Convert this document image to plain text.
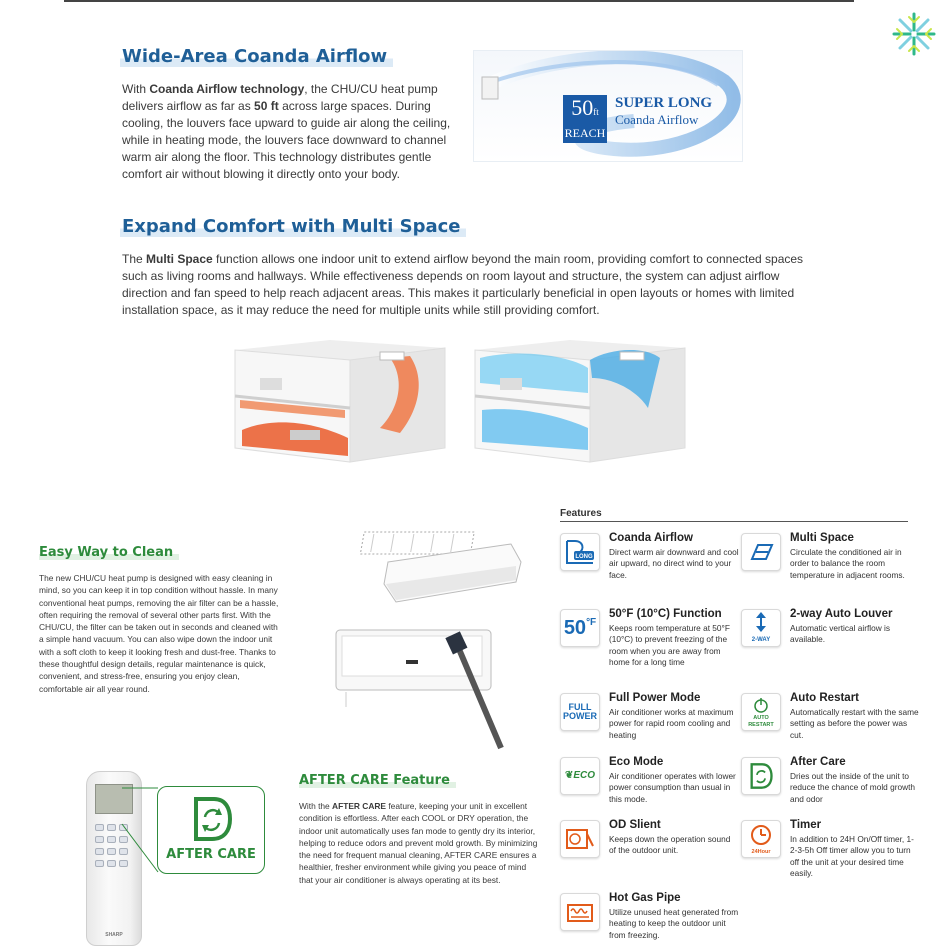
Wide-Area Coanda Airflow
With Coanda Airflow technology, the CHU/CU heat pump delivers airflow as far as 50 ft across large spaces. During cooling, the louvers face upward to guide air along the ceiling, while in heating mode, the louvers face downward to channel warm air along the floor. This technology distributes gentle comfort air without blowing it directly onto your body.
50ft
REACH
SUPER LONG
Coanda Airflow
Expand Comfort with Multi Space
The Multi Space function allows one indoor unit to extend airflow beyond the main room, providing comfort to connected spaces such as living rooms and hallways. While effectiveness depends on room layout and structure, the system can adjust airflow direction and fan speed to help reach adjacent areas. This makes it particularly beneficial in open layouts or homes with limited installation space, as it may reduce the need for multiple units while still providing comfort.
Easy Way to Clean
The new CHU/CU heat pump is designed with easy cleaning in mind, so you can keep it in top condition without hassle. In many conventional heat pumps, removing the air filter can be a hassle, often requiring the removal of several other parts first. With the CHU/CU, the filter can be taken out in seconds and cleaned with a simple hand vacuum. You can also wipe down the indoor unit with a soft cloth to keep it looking fresh and dust-free. Thanks to these thoughtful design details, regular maintenance is quick, convenient, and stress-free, ensuring you enjoy clean, comfortable air all year round.
Features
LONG
Coanda Airflow
Direct warm air downward and cool air upward, no direct wind to your face.
Multi Space
Circulate the conditioned air in order to balance the room temperature in adjacent rooms.
$50^{^\circ F}$
50°F (10°C) Function
Keeps room temperature at 50°F (10°C) to prevent freezing of the room when you are away from home for a long time
2-WAY
2-way Auto Louver
Automatic vertical airflow is available.
FULL
POWER
Full Power Mode
Air conditioner works at maximum power for rapid room cooling and heating
AUTO
RESTART
Auto Restart
Automatically restart with the same setting as before the power was cut.
❦ECO
Eco Mode
Air conditioner operates with lower power consumption than usual in this mode.
After Care
Dries out the inside of the unit to reduce the chance of mold growth and odor
OD Slient
Keeps down the operation sound of the outdoor unit.	24Hour
Timer
In addition to 24H On/Off timer, 1-2-3-5h Off timer allow you to turn off the unit at your desired time easily.
Hot Gas Pipe
Utilize unused heat generated from heating to keep the outdoor unit from freezing.
SHARP
AFTER CARE
AFTER CARE Feature
With the AFTER CARE feature, keeping your unit in excellent condition is effortless. After each COOL or DRY operation, the indoor unit automatically uses fan mode to gently dry its interior, helping to reduce odors and prevent mold growth. By minimizing the need for frequent manual cleaning, AFTER CARE ensures a healthier, fresher environment while giving you peace of mind that your air conditioner is always operating at its best.
